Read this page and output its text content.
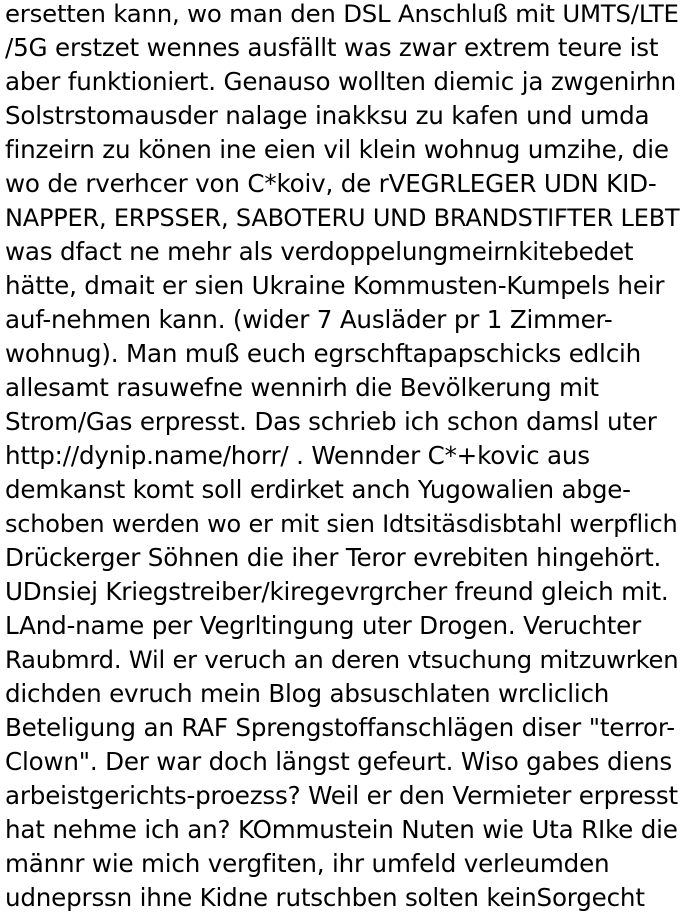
ersetten kann, wo man den DSL Anschluß mit UMTS/LTE
/5G erstzet wennes ausfällt was zwar extrem teure ist
aber funktioniert. Genauso wollten diemic ja zwgenirhn
Solstrstomausder nalage inakksu zu kafen und umda
finzeirn zu könen ine eien vil klein wohnug umzihe, die
wo de rverhcer von C*koiv, de rVEGRLEGER UDN KID-
NAPPER, ERPSSER, SABOTERU UND BRANDSTIFTER LEBT
was dfact ne mehr als verdoppelungmeirnkitebedet
hätte, dmait er sien Ukraine Kommusten-Kumpels heir
auf-nehmen kann. (wider 7 Ausläder pr 1 Zimmer-
wohnug). Man muß euch egrschftapapschicks edlcih
allesamt rasuwefne wennirh die Bevölkerung mit
Strom/Gas erpresst. Das schrieb ich schon damsl uter
http://dynip.name/horr/ . Wennder C*+kovic aus
demkanst komt soll erdirket anch Yugowalien abge-
schoben werden wo er mit sien Idtsitäsdisbtahl werpflich
Drückerger Söhnen die iher Teror evrebiten hingehört.
UDnsiej Kriegstreiber/kiregevrgrcher freund gleich mit.
LAnd-name per Vegrltingung uter Drogen. Veruchter
Raubmrd. Wil er veruch an deren vtsuchung mitzuwrken
dichden evruch mein Blog absuschlaten wrcliclich
Beteligung an RAF Sprengstoffanschlägen diser "terror-
Clown". Der war doch längst gefeurt. Wiso gabes diens
arbeistgerichts-proezss? Weil er den Vermieter erpresst
hat nehme ich an? KOmmustein Nuten wie Uta RIke die
männr wie mich vergfiten, ihr umfeld verleumden
udneprssn ihne Kidne rutschben solten keinSorgecht
